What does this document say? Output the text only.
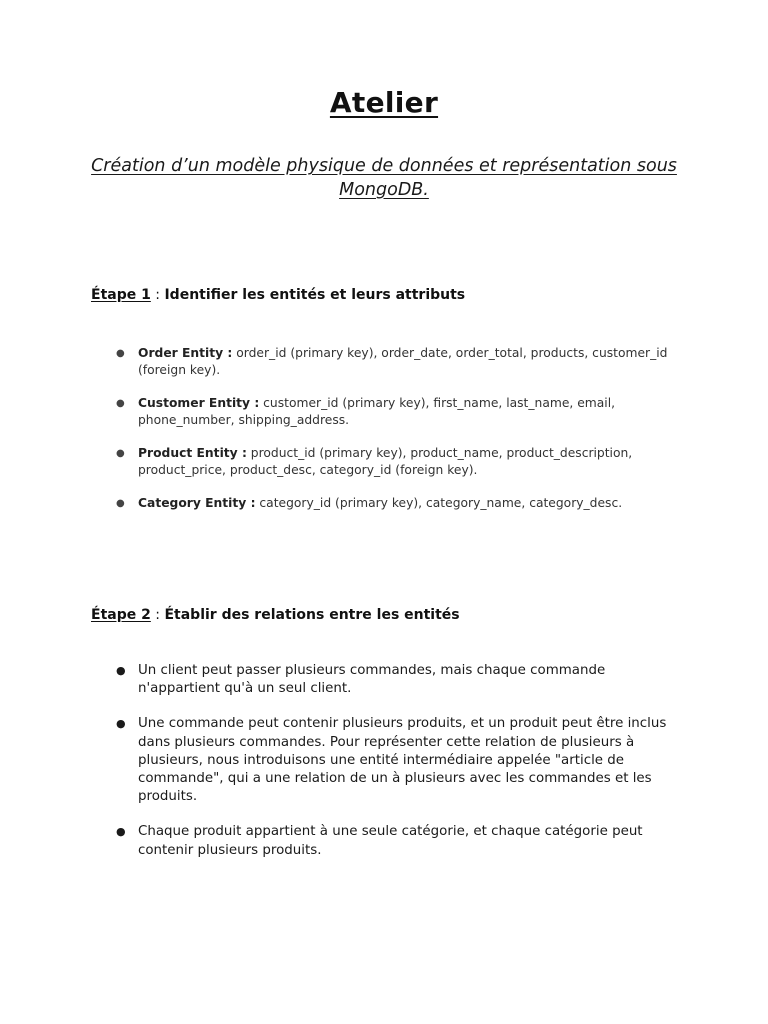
Atelier
Création d’un modèle physique de données et représentation sous MongoDB.
Étape 1 : Identifier les entités et leurs attributs
● Order Entity : order_id (primary key), order_date, order_total, products, customer_id (foreign key).
● Customer Entity : customer_id (primary key), first_name, last_name, email, phone_number, shipping_address.
● Product Entity : product_id (primary key), product_name, product_description, product_price, product_desc, category_id (foreign key).
● Category Entity : category_id (primary key), category_name, category_desc.
Étape 2 : Établir des relations entre les entités
● Un client peut passer plusieurs commandes, mais chaque commande n'appartient qu'à un seul client.
● Une commande peut contenir plusieurs produits, et un produit peut être inclus dans plusieurs commandes. Pour représenter cette relation de plusieurs à plusieurs, nous introduisons une entité intermédiaire appelée "article de commande", qui a une relation de un à plusieurs avec les commandes et les produits.
● Chaque produit appartient à une seule catégorie, et chaque catégorie peut contenir plusieurs produits.
